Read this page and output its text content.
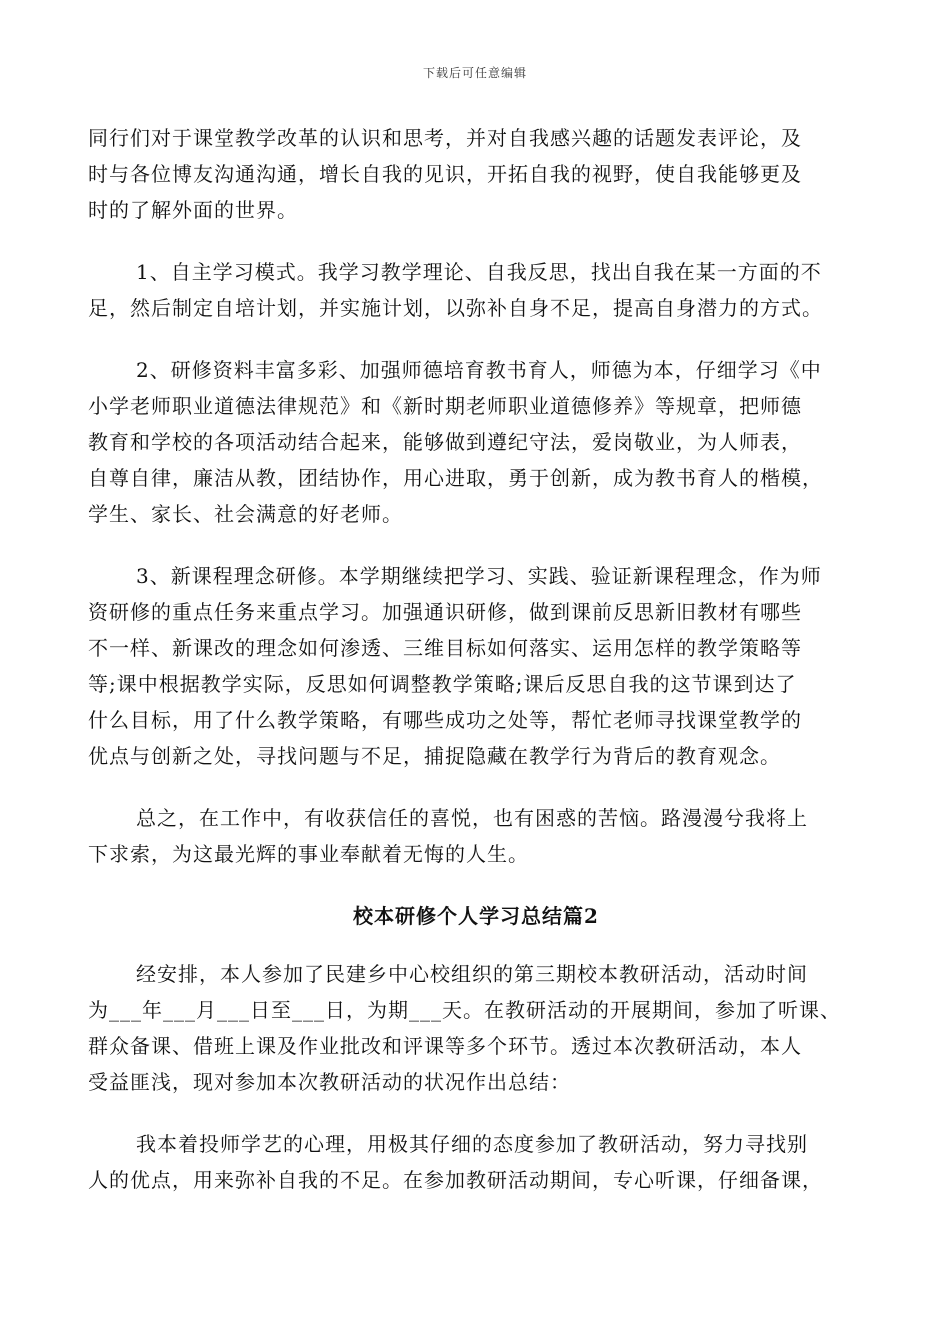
下载后可任意编辑
同行们对于课堂教学改革的认识和思考，并对自我感兴趣的话题发表评论，及
时与各位博友沟通沟通，增长自我的见识，开拓自我的视野，使自我能够更及
时的了解外面的世界。
1、自主学习模式。我学习教学理论、自我反思，找出自我在某一方面的不
足，然后制定自培计划，并实施计划，以弥补自身不足，提高自身潜力的方式。
2、研修资料丰富多彩、加强师德培育教书育人，师德为本，仔细学习《中
小学老师职业道德法律规范》和《新时期老师职业道德修养》等规章，把师德
教育和学校的各项活动结合起来，能够做到遵纪守法，爱岗敬业，为人师表，
自尊自律，廉洁从教，团结协作，用心进取，勇于创新，成为教书育人的楷模，
学生、家长、社会满意的好老师。
3、新课程理念研修。本学期继续把学习、实践、验证新课程理念，作为师
资研修的重点任务来重点学习。加强通识研修，做到课前反思新旧教材有哪些
不一样、新课改的理念如何渗透、三维目标如何落实、运用怎样的教学策略等
等;课中根据教学实际，反思如何调整教学策略;课后反思自我的这节课到达了
什么目标，用了什么教学策略，有哪些成功之处等，帮忙老师寻找课堂教学的
优点与创新之处，寻找问题与不足，捕捉隐藏在教学行为背后的教育观念。
总之，在工作中，有收获信任的喜悦，也有困惑的苦恼。路漫漫兮我将上
下求索，为这最光辉的事业奉献着无悔的人生。
校本研修个人学习总结篇2
经安排，本人参加了民建乡中心校组织的第三期校本教研活动，活动时间
为___年___月___日至___日，为期___天。在教研活动的开展期间，参加了听课、
群众备课、借班上课及作业批改和评课等多个环节。透过本次教研活动，本人
受益匪浅，现对参加本次教研活动的状况作出总结：
我本着投师学艺的心理，用极其仔细的态度参加了教研活动，努力寻找别
人的优点，用来弥补自我的不足。在参加教研活动期间，专心听课，仔细备课，
